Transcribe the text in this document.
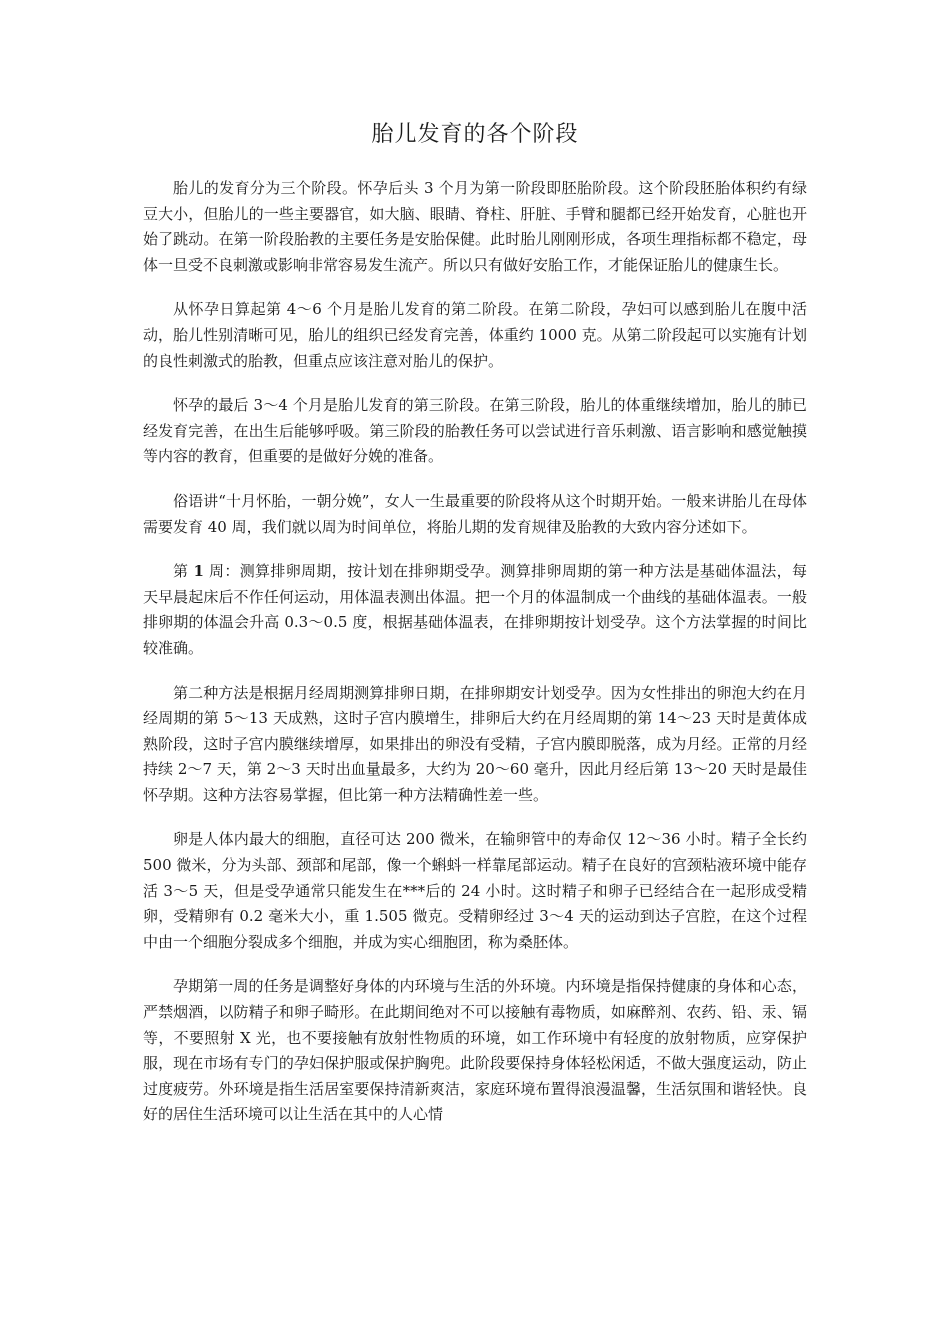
胎儿发育的各个阶段

胎儿的发育分为三个阶段。怀孕后头 3 个月为第一阶段即胚胎阶段。这个阶段胚胎体积约有绿豆大小，但胎儿的一些主要器官，如大脑、眼睛、脊柱、肝脏、手臂和腿都已经开始发育，心脏也开始了跳动。在第一阶段胎教的主要任务是安胎保健。此时胎儿刚刚形成，各项生理指标都不稳定，母体一旦受不良刺激或影响非常容易发生流产。所以只有做好安胎工作，才能保证胎儿的健康生长。

从怀孕日算起第 4～6 个月是胎儿发育的第二阶段。在第二阶段，孕妇可以感到胎儿在腹中活动，胎儿性别清晰可见，胎儿的组织已经发育完善，体重约 1000 克。从第二阶段起可以实施有计划的良性刺激式的胎教，但重点应该注意对胎儿的保护。

怀孕的最后 3～4 个月是胎儿发育的第三阶段。在第三阶段，胎儿的体重继续增加，胎儿的肺已经发育完善，在出生后能够呼吸。第三阶段的胎教任务可以尝试进行音乐刺激、语言影响和感觉触摸等内容的教育，但重要的是做好分娩的准备。

俗语讲“十月怀胎，一朝分娩”，女人一生最重要的阶段将从这个时期开始。一般来讲胎儿在母体需要发育 40 周，我们就以周为时间单位，将胎儿期的发育规律及胎教的大致内容分述如下。

第 1 周：测算排卵周期，按计划在排卵期受孕。测算排卵周期的第一种方法是基础体温法，每天早晨起床后不作任何运动，用体温表测出体温。把一个月的体温制成一个曲线的基础体温表。一般排卵期的体温会升高 0.3～0.5 度，根据基础体温表，在排卵期按计划受孕。这个方法掌握的时间比较准确。

第二种方法是根据月经周期测算排卵日期，在排卵期安计划受孕。因为女性排出的卵泡大约在月经周期的第 5～13 天成熟，这时子宫内膜增生，排卵后大约在月经周期的第 14～23 天时是黄体成熟阶段，这时子宫内膜继续增厚，如果排出的卵没有受精，子宫内膜即脱落，成为月经。正常的月经持续 2～7 天，第 2～3 天时出血量最多，大约为 20～60 毫升，因此月经后第 13～20 天时是最佳怀孕期。这种方法容易掌握，但比第一种方法精确性差一些。

卵是人体内最大的细胞，直径可达 200 微米，在输卵管中的寿命仅 12～36 小时。精子全长约 500 微米，分为头部、颈部和尾部，像一个蝌蚪一样靠尾部运动。精子在良好的宫颈粘液环境中能存活 3～5 天，但是受孕通常只能发生在***后的 24 小时。这时精子和卵子已经结合在一起形成受精卵，受精卵有 0.2 毫米大小，重 1.505 微克。受精卵经过 3～4 天的运动到达子宫腔，在这个过程中由一个细胞分裂成多个细胞，并成为实心细胞团，称为桑胚体。

孕期第一周的任务是调整好身体的内环境与生活的外环境。内环境是指保持健康的身体和心态，严禁烟酒，以防精子和卵子畸形。在此期间绝对不可以接触有毒物质，如麻醉剂、农药、铅、汞、镉等，不要照射 X 光，也不要接触有放射性物质的环境，如工作环境中有轻度的放射物质，应穿保护服，现在市场有专门的孕妇保护服或保护胸兜。此阶段要保持身体轻松闲适，不做大强度运动，防止过度疲劳。外环境是指生活居室要保持清新爽洁，家庭环境布置得浪漫温馨，生活氛围和谐轻快。良好的居住生活环境可以让生活在其中的人心情
